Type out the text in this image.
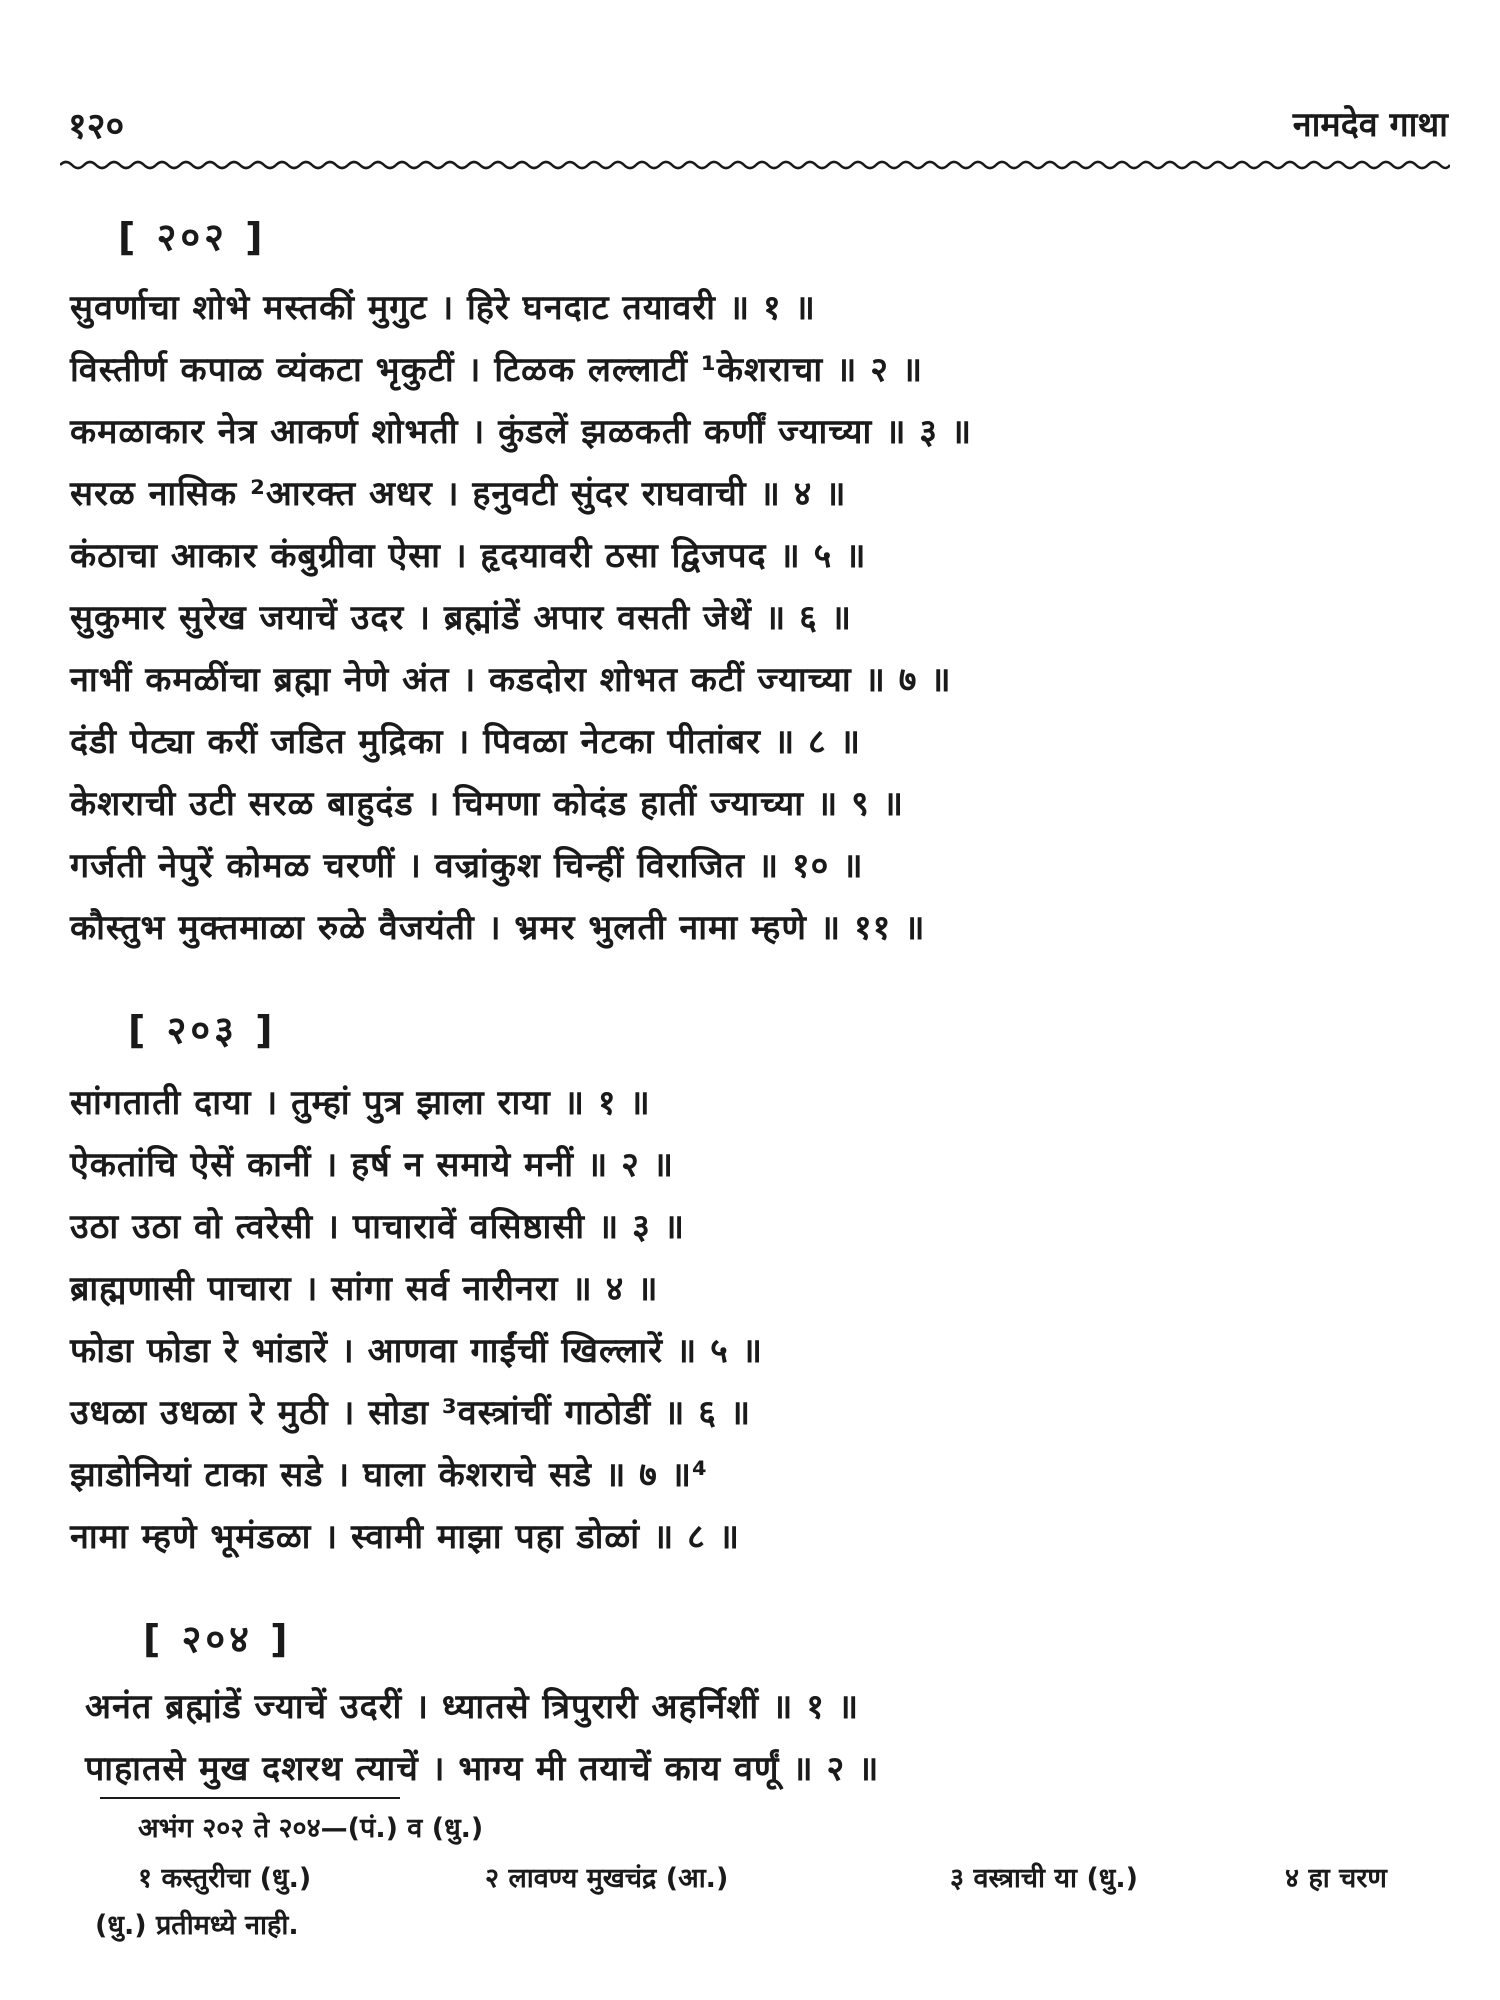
१२०	नामदेव गाथा
[ २०२ ]
सुवर्णाचा शोभे मस्तकीं मुगुट । हिरे घनदाट तयावरी ॥ १ ॥
विस्तीर्ण कपाळ व्यंकटा भृकुटीं । टिळक लल्लाटीं ¹केशराचा ॥ २ ॥
कमळाकार नेत्र आकर्ण शोभती । कुंडलें झळकती कर्णीं ज्याच्या ॥ ३ ॥
सरळ नासिक ²आरक्त अधर । हनुवटी सुंदर राघवाची ॥ ४ ॥
कंठाचा आकार कंबुग्रीवा ऐसा । हृदयावरी ठसा द्विजपद ॥ ५ ॥
सुकुमार सुरेख जयाचें उदर । ब्रह्मांडें अपार वसती जेथें ॥ ६ ॥
नाभीं कमळींचा ब्रह्मा नेणे अंत । कडदोरा शोभत कटीं ज्याच्या ॥ ७ ॥
दंडी पेट्या करीं जडित मुद्रिका । पिवळा नेटका पीतांबर ॥ ८ ॥
केशराची उटी सरळ बाहुदंड । चिमणा कोदंड हातीं ज्याच्या ॥ ९ ॥
गर्जती नेपुरें कोमळ चरणीं । वज्रांकुश चिन्हीं विराजित ॥ १० ॥
कौस्तुभ मुक्तमाळा रुळे वैजयंती । भ्रमर भुलती नामा म्हणे ॥ ११ ॥
[ २०३ ]
सांगताती दाया । तुम्हां पुत्र झाला राया ॥ १ ॥
ऐकतांचि ऐसें कानीं । हर्ष न समाये मनीं ॥ २ ॥
उठा उठा वो त्वरेसी । पाचारावें वसिष्ठासी ॥ ३ ॥
ब्राह्मणासी पाचारा । सांगा सर्व नारीनरा ॥ ४ ॥
फोडा फोडा रे भांडारें । आणवा गाईंचीं खिल्लारें ॥ ५ ॥
उधळा उधळा रे मुठी । सोडा ³वस्त्रांचीं गाठोडीं ॥ ६ ॥
झाडोनियां टाका सडे । घाला केशराचे सडे ॥ ७ ॥⁴
नामा म्हणे भूमंडळा । स्वामी माझा पहा डोळां ॥ ८ ॥
[ २०४ ]
अनंत ब्रह्मांडें ज्याचें उदरीं । ध्यातसे त्रिपुरारी अहर्निशीं ॥ १ ॥
पाहातसे मुख दशरथ त्याचें । भाग्य मी तयाचें काय वर्णूं ॥ २ ॥
अभंग २०२ ते २०४—(पं.) व (धु.)
१ कस्तुरीचा (धु.)	२ लावण्य मुखचंद्र (आ.)	३ वस्त्राची या (धु.)	४ हा चरण
(धु.) प्रतीमध्ये नाही.
